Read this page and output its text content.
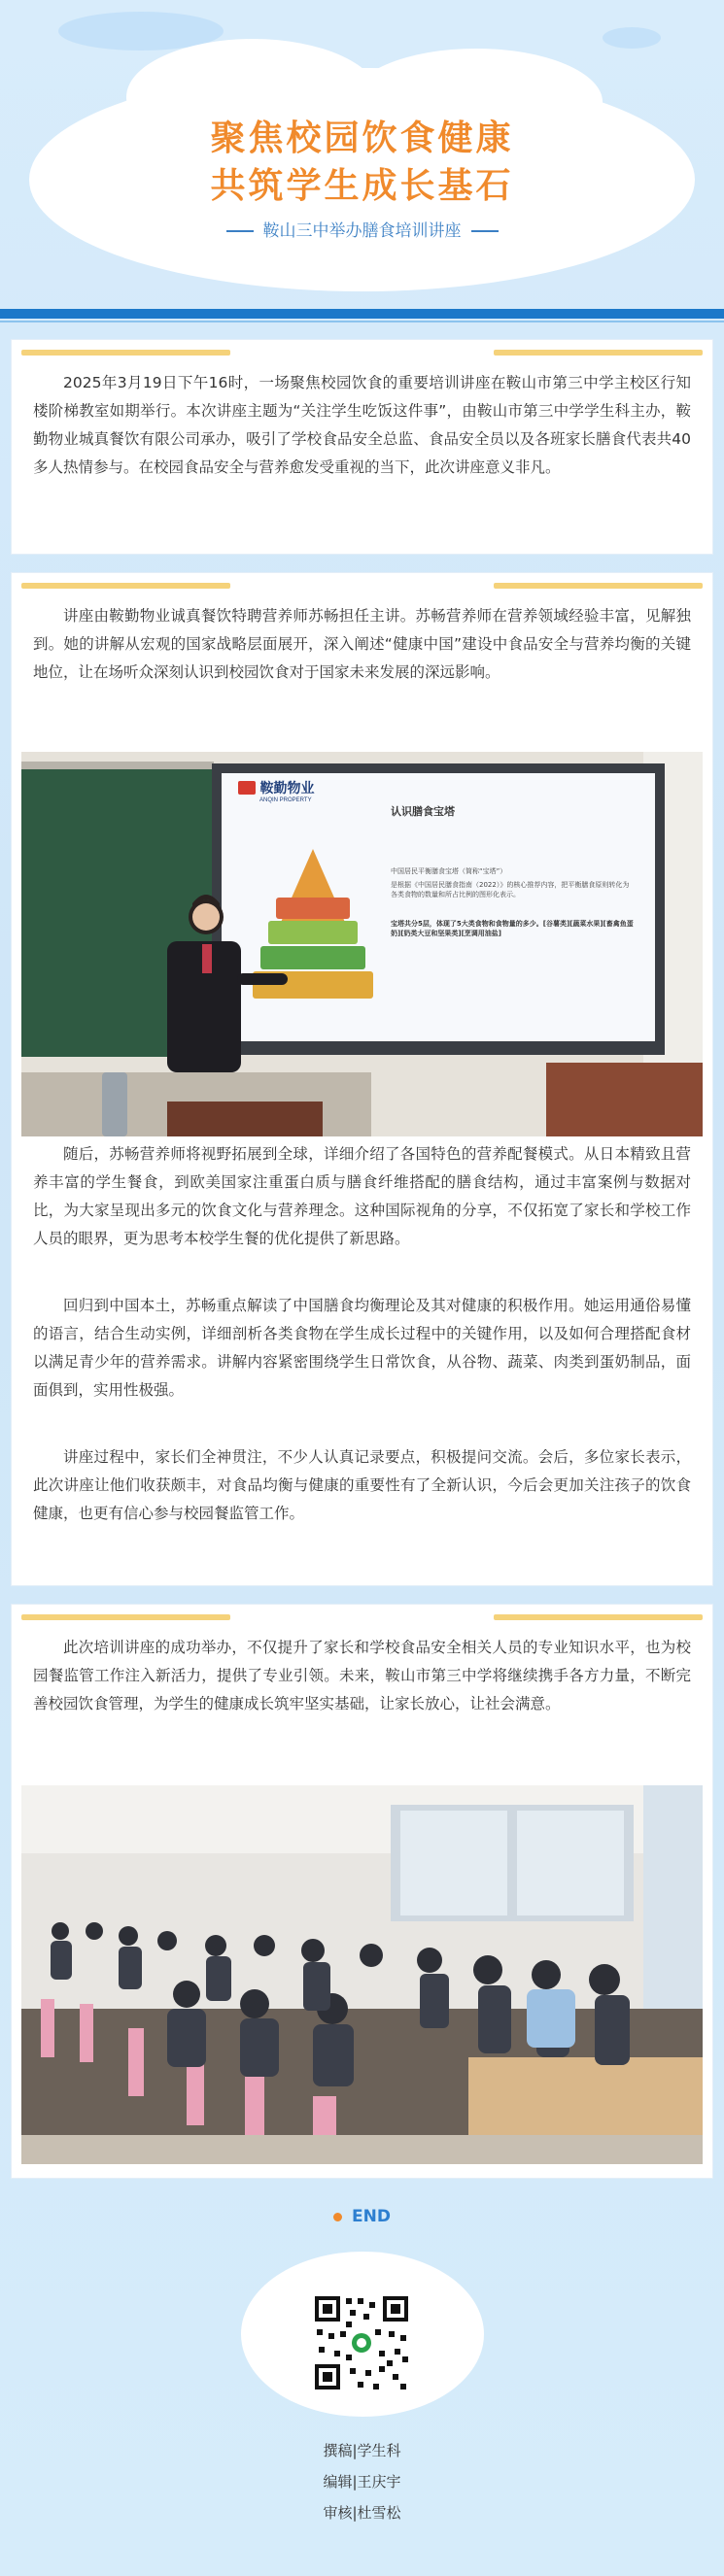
聚焦校园饮食健康
共筑学生成长基石
鞍山三中举办膳食培训讲座
2025年3月19日下午16时，一场聚焦校园饮食的重要培训讲座在鞍山市第三中学主校区行知楼阶梯教室如期举行。本次讲座主题为“关注学生吃饭这件事”，由鞍山市第三中学学生科主办，鞍勤物业城真餐饮有限公司承办，吸引了学校食品安全总监、食品安全员以及各班家长膳食代表共40多人热情参与。在校园食品安全与营养愈发受重视的当下，此次讲座意义非凡。
讲座由鞍勤物业诚真餐饮特聘营养师苏畅担任主讲。苏畅营养师在营养领域经验丰富，见解独到。她的讲解从宏观的国家战略层面展开，深入阐述“健康中国”建设中食品安全与营养均衡的关键地位，让在场听众深刻认识到校园饮食对于国家未来发展的深远影响。
鞍勤物业
ANQIN PROPERTY
认识膳食宝塔
中国居民平衡膳食宝塔（简称“宝塔”）
是根据《中国居民膳食指南（2022）》的核心推荐内容，把平衡膳食原则转化为各类食物的数量和所占比例的图形化表示。
宝塔共分5层，体现了5大类食物和食物量的多少。[谷薯类][蔬菜水果][畜禽鱼蛋奶][奶类大豆和坚果类][烹调用油盐]
随后，苏畅营养师将视野拓展到全球，详细介绍了各国特色的营养配餐模式。从日本精致且营养丰富的学生餐食，到欧美国家注重蛋白质与膳食纤维搭配的膳食结构，通过丰富案例与数据对比，为大家呈现出多元的饮食文化与营养理念。这种国际视角的分享，不仅拓宽了家长和学校工作人员的眼界，更为思考本校学生餐的优化提供了新思路。
回归到中国本土，苏畅重点解读了中国膳食均衡理论及其对健康的积极作用。她运用通俗易懂的语言，结合生动实例，详细剖析各类食物在学生成长过程中的关键作用，以及如何合理搭配食材以满足青少年的营养需求。讲解内容紧密围绕学生日常饮食，从谷物、蔬菜、肉类到蛋奶制品，面面俱到，实用性极强。
讲座过程中，家长们全神贯注，不少人认真记录要点，积极提问交流。会后，多位家长表示，此次讲座让他们收获颇丰，对食品均衡与健康的重要性有了全新认识，今后会更加关注孩子的饮食健康，也更有信心参与校园餐监管工作。
此次培训讲座的成功举办，不仅提升了家长和学校食品安全相关人员的专业知识水平，也为校园餐监管工作注入新活力，提供了专业引领。未来，鞍山市第三中学将继续携手各方力量，不断完善校园饮食管理，为学生的健康成长筑牢坚实基础，让家长放心，让社会满意。
END
撰稿|学生科
编辑|王庆宇
审核|杜雪松
